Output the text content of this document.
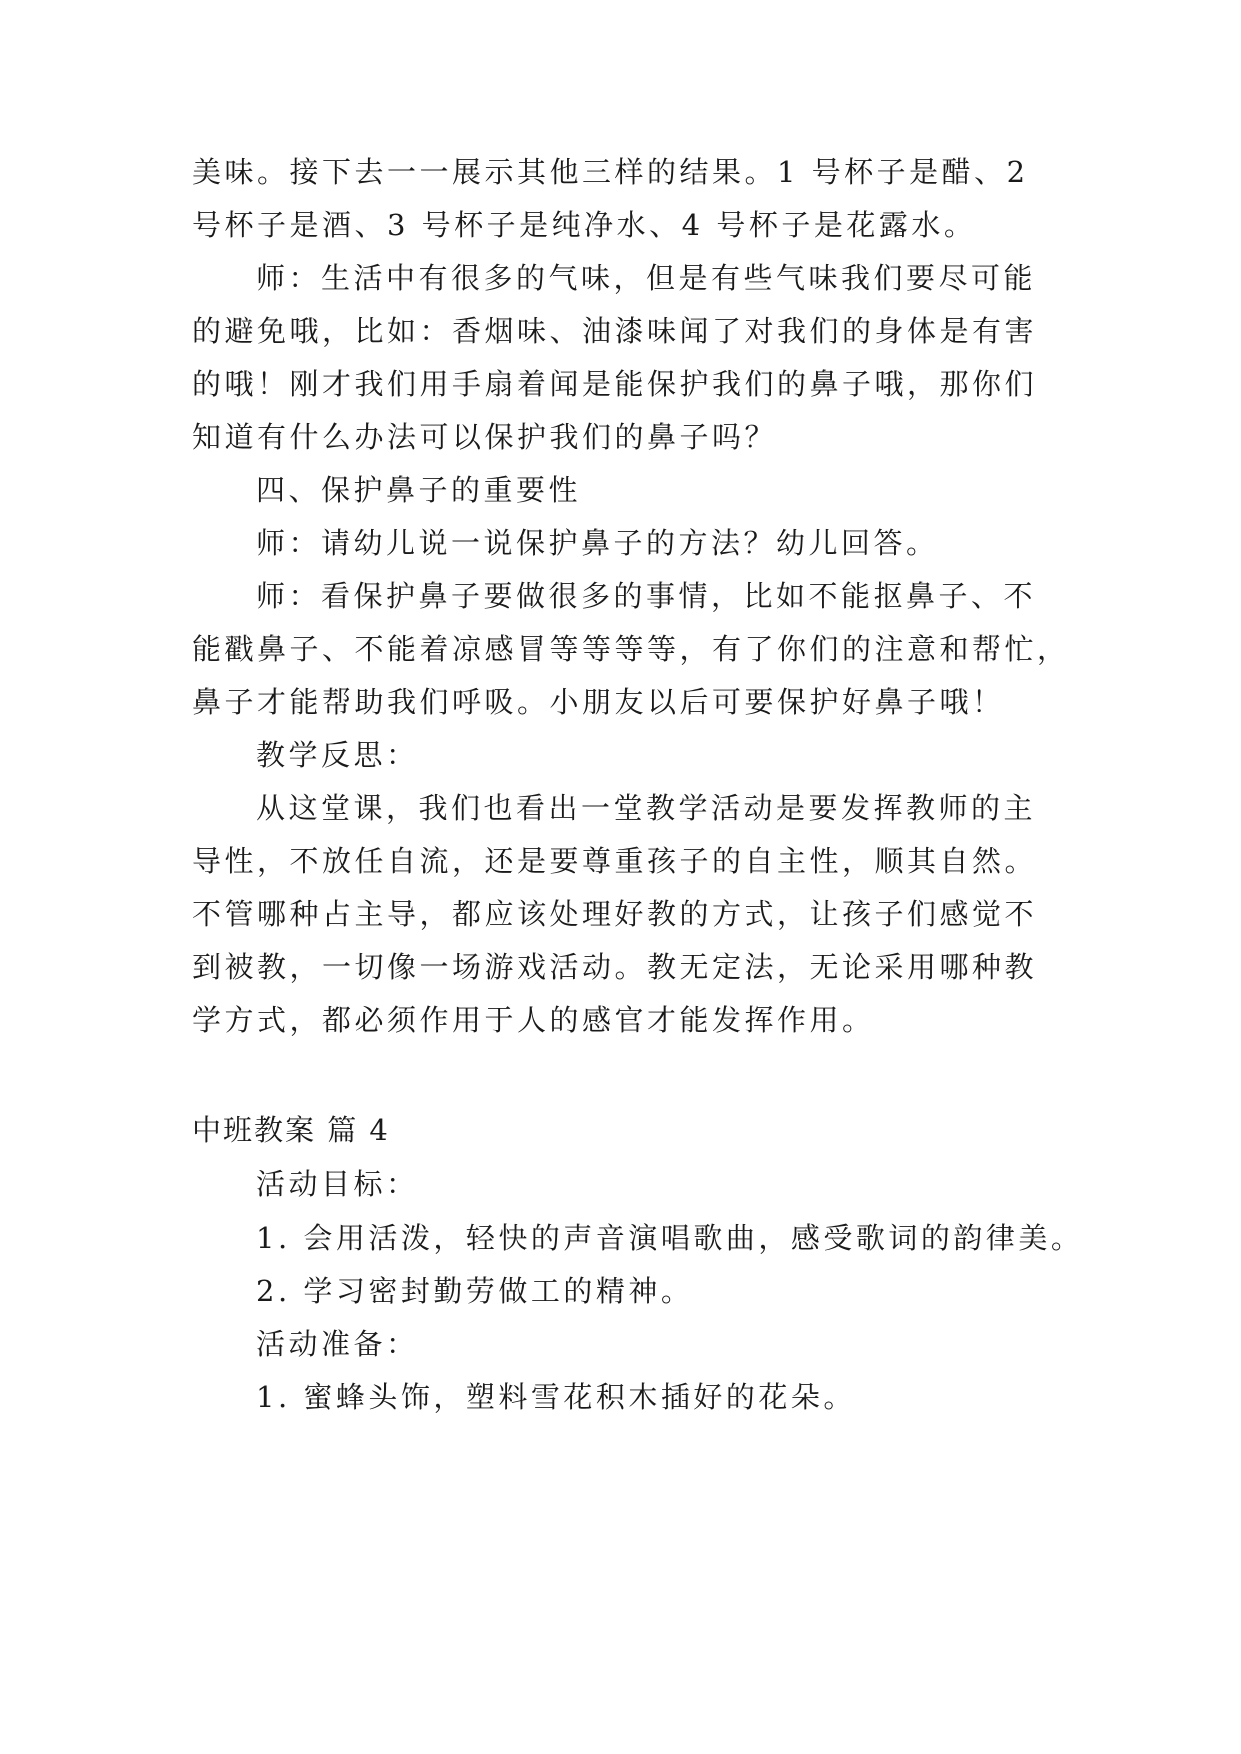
美味。接下去一一展示其他三样的结果。1 号杯子是醋、2

号杯子是酒、3 号杯子是纯净水、4 号杯子是花露水。

师：生活中有很多的气味，但是有些气味我们要尽可能

的避免哦，比如：香烟味、油漆味闻了对我们的身体是有害

的哦！刚才我们用手扇着闻是能保护我们的鼻子哦，那你们

知道有什么办法可以保护我们的鼻子吗？

四、保护鼻子的重要性

师：请幼儿说一说保护鼻子的方法？幼儿回答。

师：看保护鼻子要做很多的事情，比如不能抠鼻子、不

能戳鼻子、不能着凉感冒等等等等，有了你们的注意和帮忙，

鼻子才能帮助我们呼吸。小朋友以后可要保护好鼻子哦！

教学反思：

从这堂课，我们也看出一堂教学活动是要发挥教师的主

导性，不放任自流，还是要尊重孩子的自主性，顺其自然。

不管哪种占主导，都应该处理好教的方式，让孩子们感觉不

到被教，一切像一场游戏活动。教无定法，无论采用哪种教

学方式，都必须作用于人的感官才能发挥作用。

中班教案 篇 4

活动目标：

1. 会用活泼，轻快的声音演唱歌曲，感受歌词的韵律美。

2. 学习密封勤劳做工的精神。

活动准备：

1. 蜜蜂头饰，塑料雪花积木插好的花朵。
